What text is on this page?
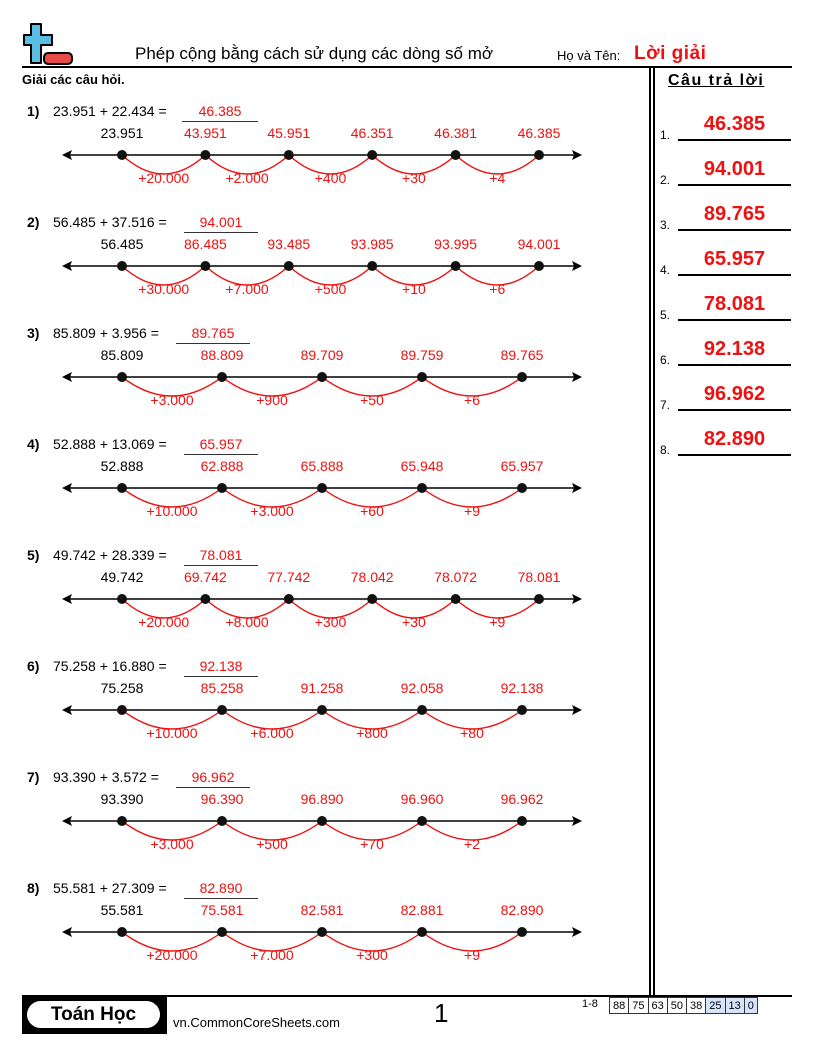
Phép cộng bằng cách sử dụng các dòng số mở	Họ và Tên: Lời giải
Giải các câu hỏi.	Câu trả lời
1) 23.951 + 22.434 =	46.385
23.951	43.951	45.951	46.351	46.381	46.385
+20.000	+2.000	+400	+30	+4
2) 56.485 + 37.516 =	94.001
56.485	86.485	93.485	93.985	93.995	94.001
+30.000	+7.000	+500	+10	+6
3) 85.809 + 3.956 =	89.765
85.809	88.809	89.709	89.759	89.765
+3.000	+900	+50	+6
4) 52.888 + 13.069 =	65.957
52.888	62.888	65.888	65.948	65.957
+10.000	+3.000	+60	+9
5) 49.742 + 28.339 =	78.081
49.742	69.742	77.742	78.042	78.072	78.081
+20.000	+8.000	+300	+30	+9
6) 75.258 + 16.880 =	92.138
75.258	85.258	91.258	92.058	92.138
+10.000	+6.000	+800	+80
7) 93.390 + 3.572 =	96.962
93.390	96.390	96.890	96.960	96.962
+3.000	+500	+70	+2
8) 55.581 + 27.309 =	82.890
55.581	75.581	82.581	82.881	82.890
+20.000	+7.000	+300	+9
1.	46.385
2.	94.001
3.	89.765
4.	65.957
5.	78.081
6.	92.138
7.	96.962
8.	82.890
Toán Học	vn.CommonCoreSheets.com	1	1-8 88	75	63	50	38	25	13	0
